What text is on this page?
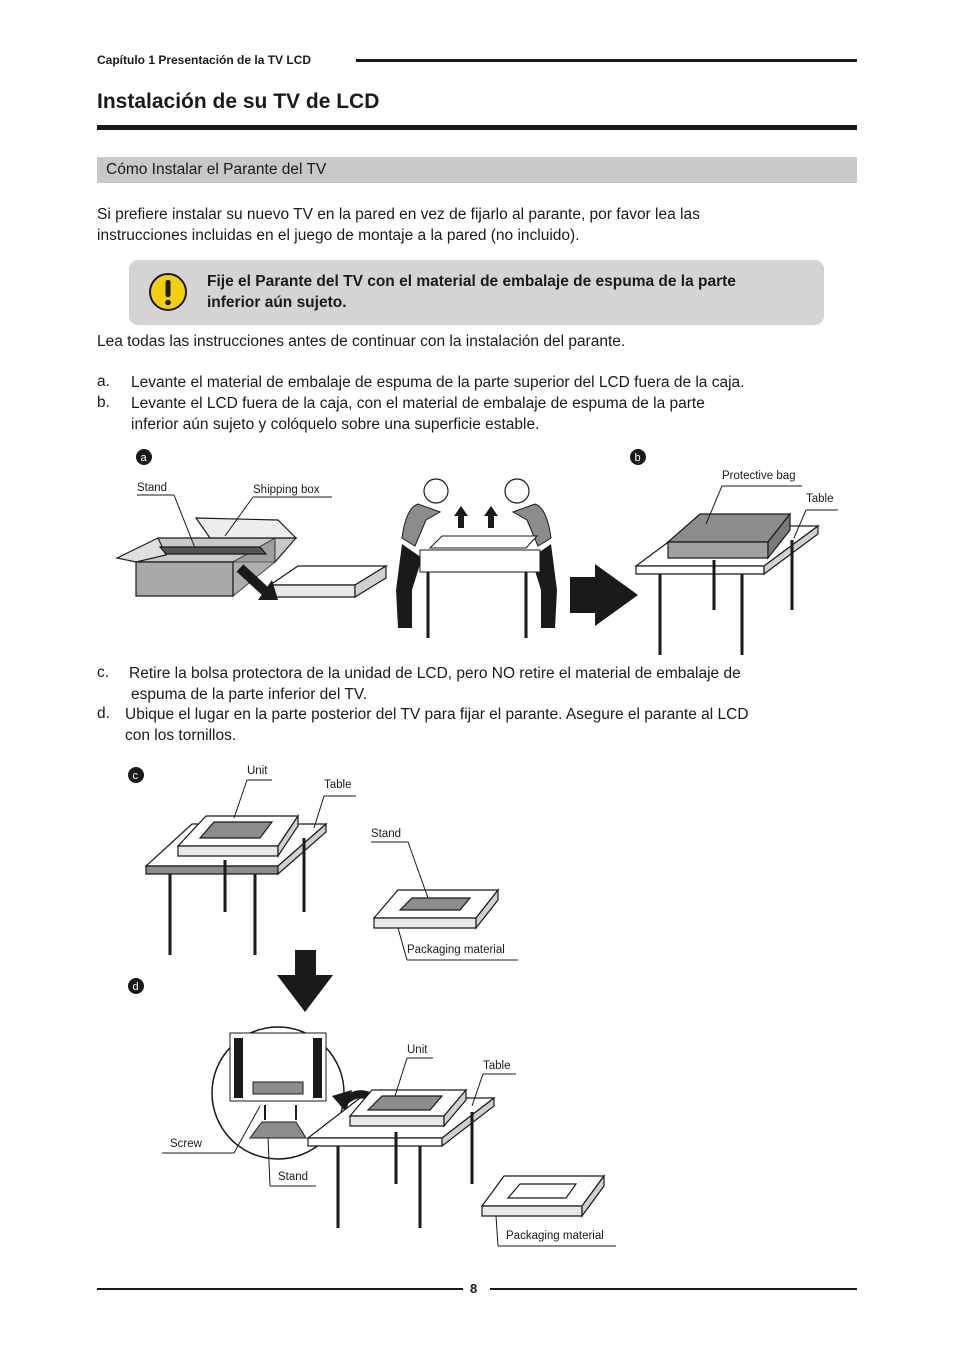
Capítulo 1 Presentación de la TV LCD
Instalación de su TV de LCD
Cómo Instalar el Parante del TV
Si prefiere instalar su nuevo TV en la pared en vez de fijarlo al parante, por favor lea las
instrucciones incluidas en el juego de montaje a la pared (no incluido).
Fije el Parante del TV con el material de embalaje de espuma de la parte
inferior aún sujeto.
Lea todas las instrucciones antes de continuar con la instalación del parante.
a. Levante el material de embalaje de espuma de la parte superior del LCD fuera de la caja.
b. Levante el LCD fuera de la caja, con el material de embalaje de espuma de la parte
inferior aún sujeto y colóquelo sobre una superficie estable.
a
Stand	Shipping box
b
Protective bag
Table
c. Retire la bolsa protectora de la unidad de LCD, pero NO retire el material de embalaje de
espuma de la parte inferior del TV.
d. Ubique el lugar en la parte posterior del TV para fijar el parante. Asegure el parante al LCD
con los tornillos.
c	Unit
Table
Stand
Packaging material
d
Unit
Table
Screw
Stand
Packaging material
8
